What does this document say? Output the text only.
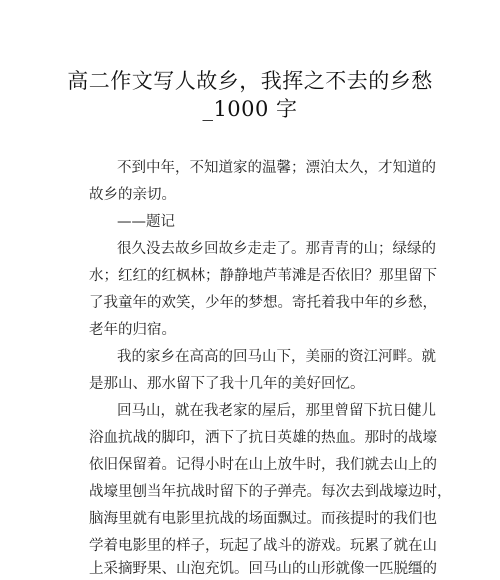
高二作文写人故乡，我挥之不去的乡愁
_1000 字
不到中年，不知道家的温馨；漂泊太久，才知道的
故乡的亲切。
——题记
很久没去故乡回故乡走走了。那青青的山；绿绿的
水；红红的红枫林；静静地芦苇滩是否依旧？那里留下
了我童年的欢笑，少年的梦想。寄托着我中年的乡愁，
老年的归宿。
我的家乡在高高的回马山下，美丽的资江河畔。就
是那山、那水留下了我十几年的美好回忆。
回马山，就在我老家的屋后，那里曾留下抗日健儿
浴血抗战的脚印，洒下了抗日英雄的热血。那时的战壕
依旧保留着。记得小时在山上放牛时，我们就去山上的
战壕里刨当年抗战时留下的子弹壳。每次去到战壕边时，
脑海里就有电影里抗战的场面飘过。而孩提时的我们也
学着电影里的样子，玩起了战斗的游戏。玩累了就在山
上采摘野果、山泡充饥。回马山的山形就像一匹脱缰的
